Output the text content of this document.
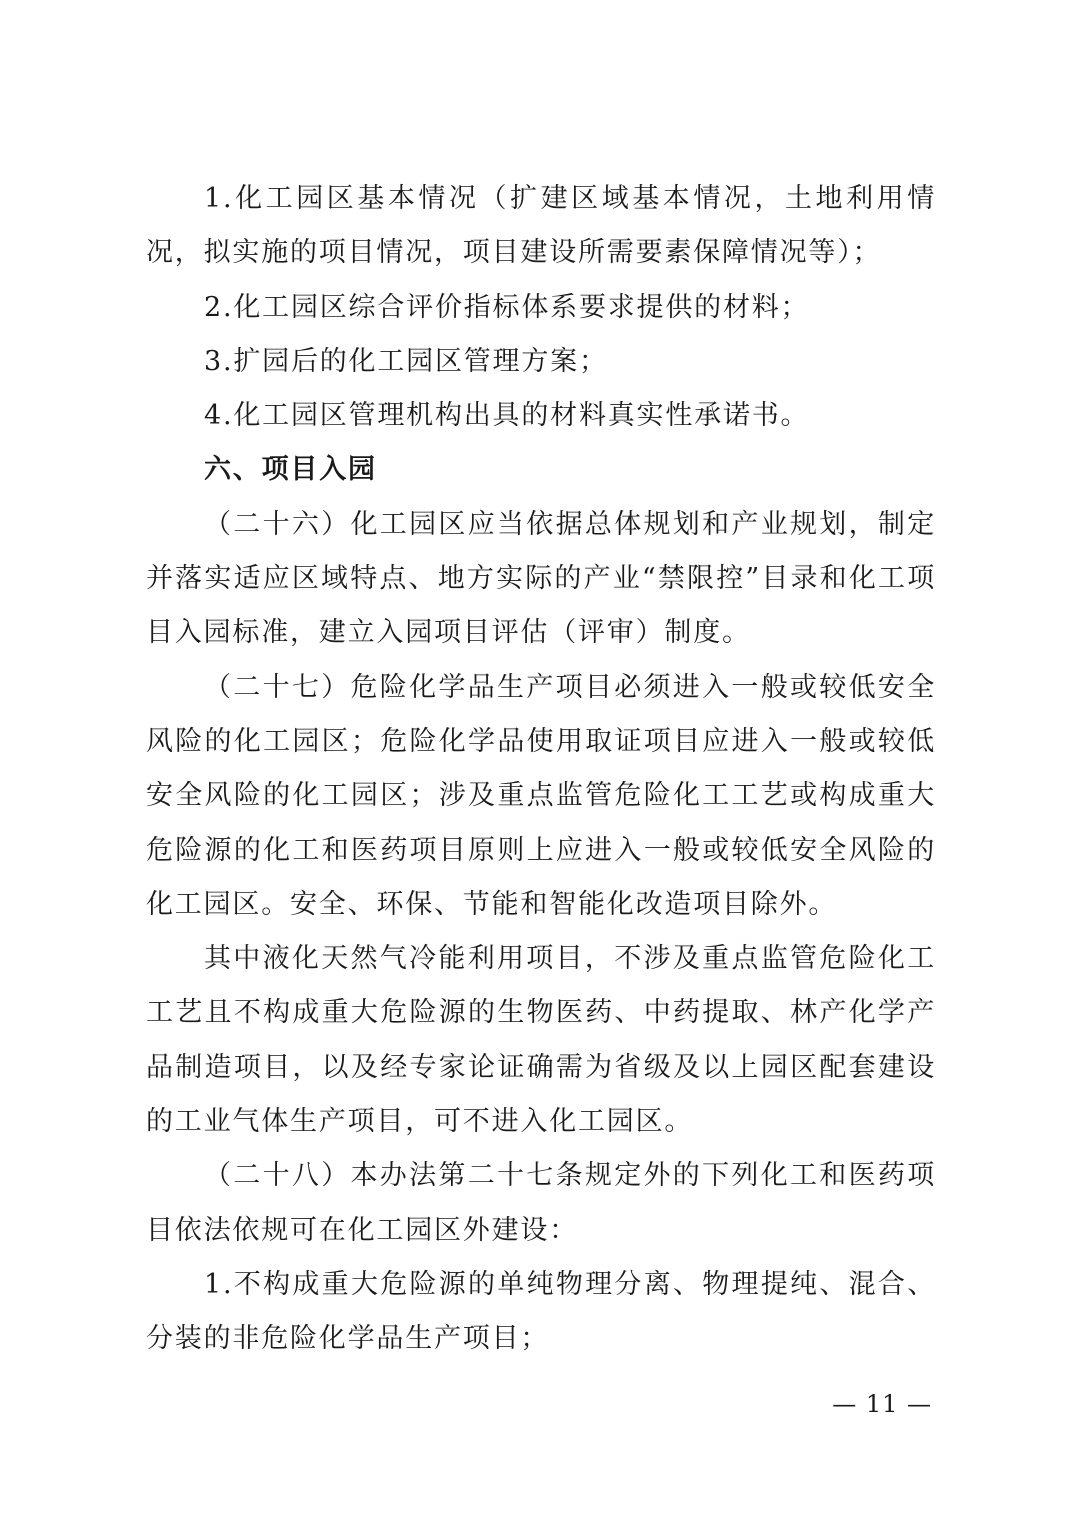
1.化工园区基本情况（扩建区域基本情况，土地利用情况，拟实施的项目情况，项目建设所需要素保障情况等）；

2.化工园区综合评价指标体系要求提供的材料；

3.扩园后的化工园区管理方案；

4.化工园区管理机构出具的材料真实性承诺书。

六、项目入园

（二十六）化工园区应当依据总体规划和产业规划，制定并落实适应区域特点、地方实际的产业“禁限控”目录和化工项目入园标准，建立入园项目评估（评审）制度。

（二十七）危险化学品生产项目必须进入一般或较低安全风险的化工园区；危险化学品使用取证项目应进入一般或较低安全风险的化工园区；涉及重点监管危险化工工艺或构成重大危险源的化工和医药项目原则上应进入一般或较低安全风险的化工园区。安全、环保、节能和智能化改造项目除外。

其中液化天然气冷能利用项目，不涉及重点监管危险化工工艺且不构成重大危险源的生物医药、中药提取、林产化学产品制造项目，以及经专家论证确需为省级及以上园区配套建设的工业气体生产项目，可不进入化工园区。

（二十八）本办法第二十七条规定外的下列化工和医药项目依法依规可在化工园区外建设：

1.不构成重大危险源的单纯物理分离、物理提纯、混合、分装的非危险化学品生产项目；

— 11 —
